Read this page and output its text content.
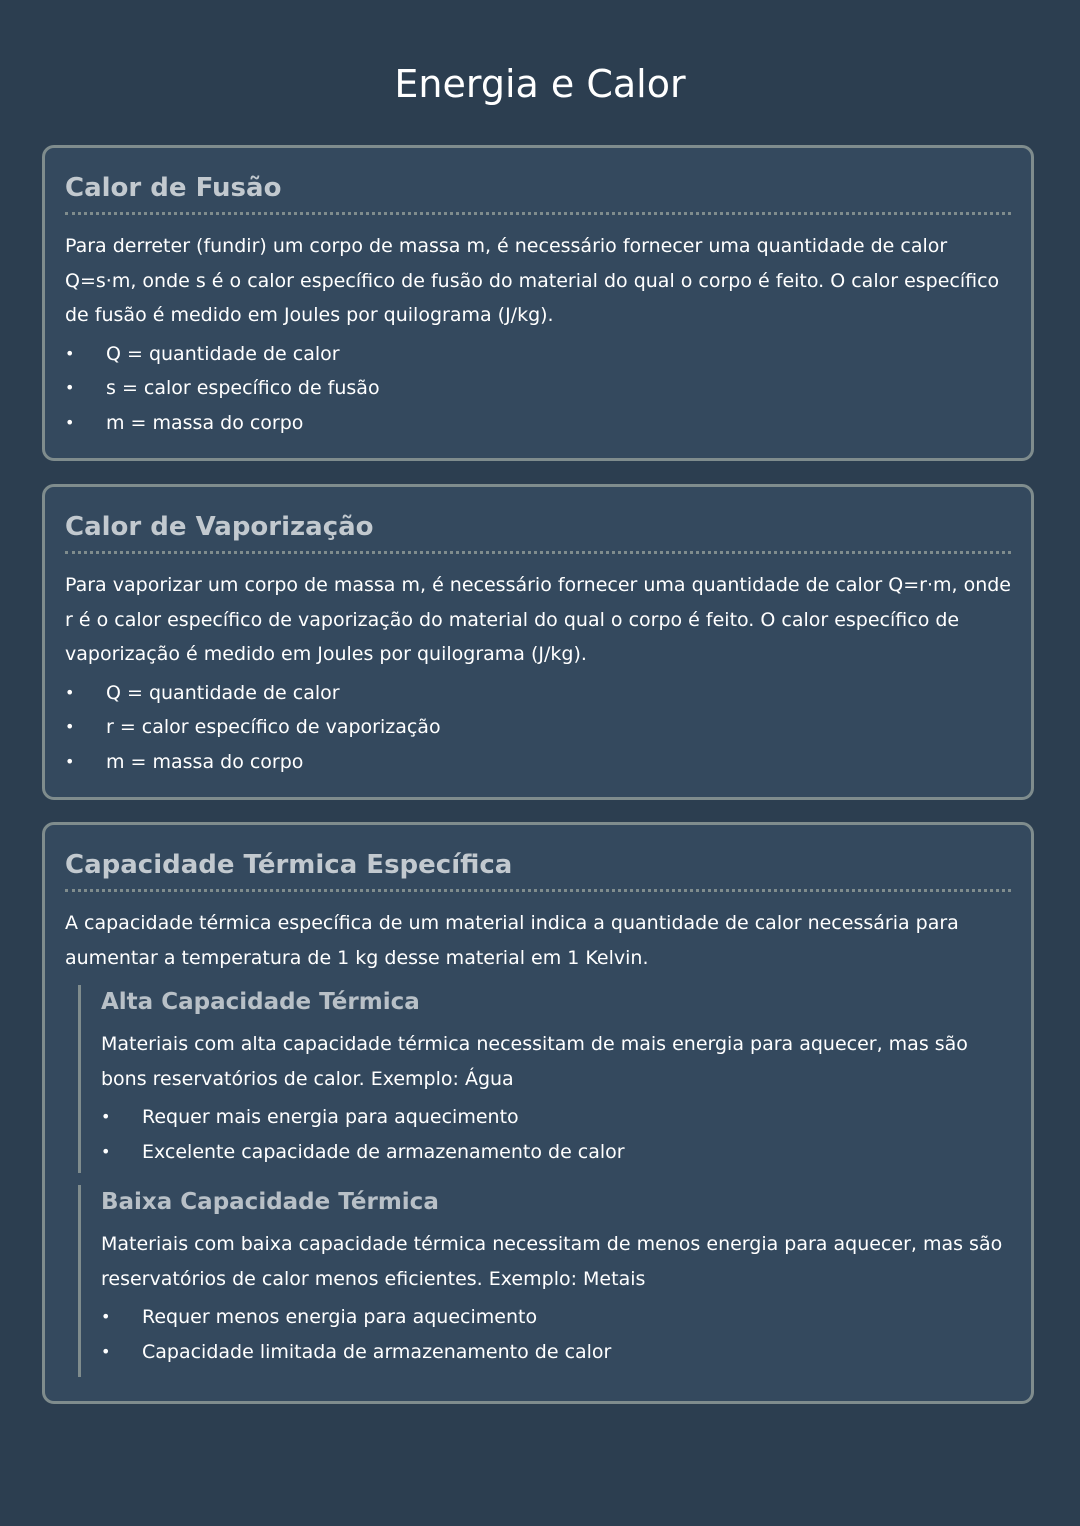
Energia e Calor
Calor de Fusão

Para derreter (fundir) um corpo de massa m, é necessário fornecer uma quantidade de calor Q=s·m, onde s é o calor específico de fusão do material do qual o corpo é feito. O calor específico de fusão é medido em Joules por quilograma (J/kg).

• Q = quantidade de calor
• s = calor específico de fusão
• m = massa do corpo
Calor de Vaporização

Para vaporizar um corpo de massa m, é necessário fornecer uma quantidade de calor Q=r·m, onde r é o calor específico de vaporização do material do qual o corpo é feito. O calor específico de vaporização é medido em Joules por quilograma (J/kg).

• Q = quantidade de calor
• r = calor específico de vaporização
• m = massa do corpo
Capacidade Térmica Específica

A capacidade térmica específica de um material indica a quantidade de calor necessária para aumentar a temperatura de 1 kg desse material em 1 Kelvin.

Alta Capacidade Térmica

Materiais com alta capacidade térmica necessitam de mais energia para aquecer, mas são bons reservatórios de calor. Exemplo: Água

• Requer mais energia para aquecimento
• Excelente capacidade de armazenamento de calor
Baixa Capacidade Térmica

Materiais com baixa capacidade térmica necessitam de menos energia para aquecer, mas são reservatórios de calor menos eficientes. Exemplo: Metais

• Requer menos energia para aquecimento
• Capacidade limitada de armazenamento de calor
